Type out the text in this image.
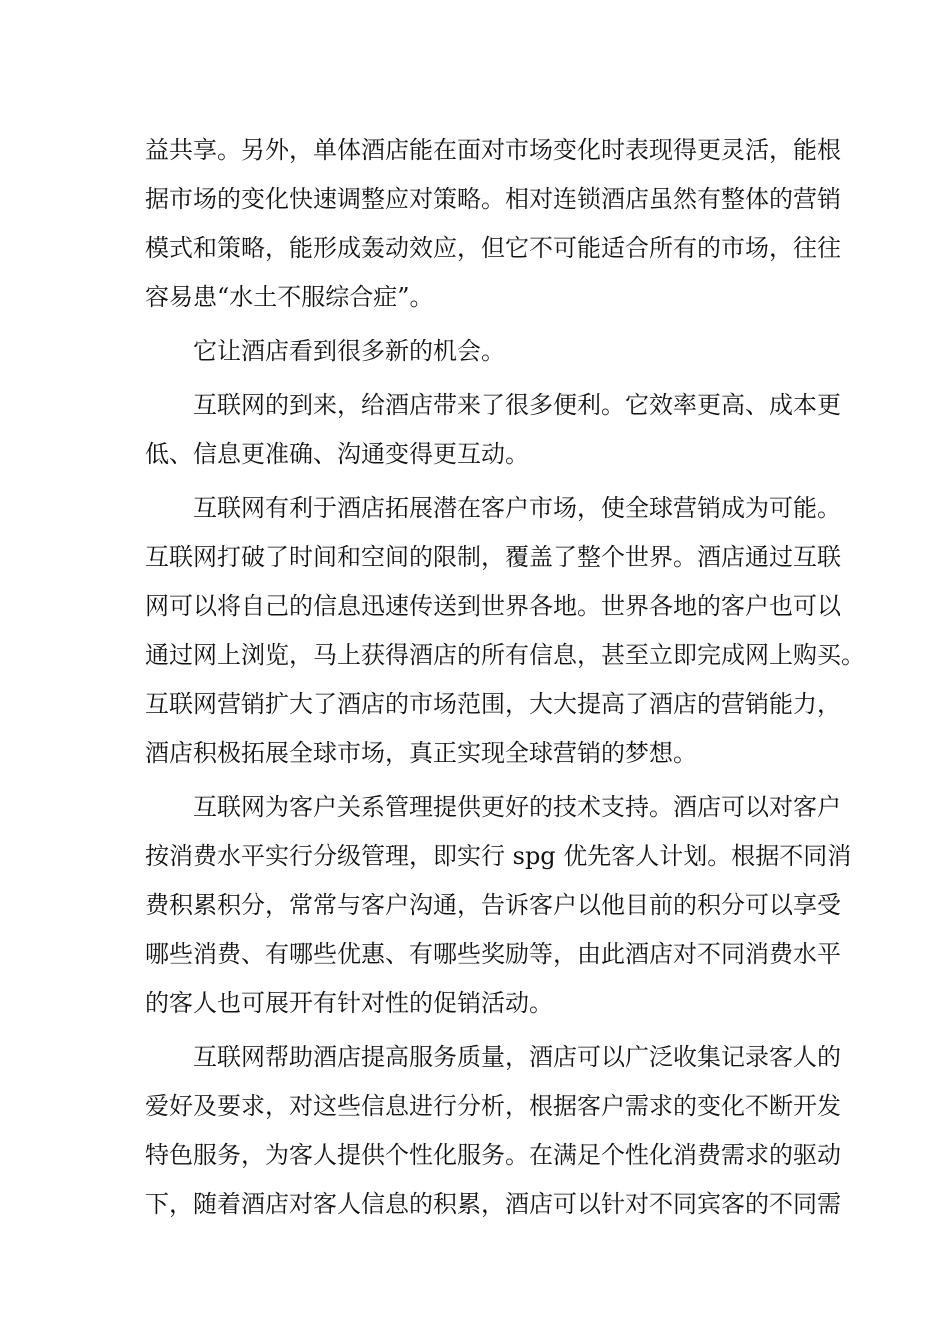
益共享。另外，单体酒店能在面对市场变化时表现得更灵活，能根
据市场的变化快速调整应对策略。相对连锁酒店虽然有整体的营销
模式和策略，能形成轰动效应，但它不可能适合所有的市场，往往
容易患“水土不服综合症”。
它让酒店看到很多新的机会。
互联网的到来，给酒店带来了很多便利。它效率更高、成本更
低、信息更准确、沟通变得更互动。
互联网有利于酒店拓展潜在客户市场，使全球营销成为可能。
互联网打破了时间和空间的限制，覆盖了整个世界。酒店通过互联
网可以将自己的信息迅速传送到世界各地。世界各地的客户也可以
通过网上浏览，马上获得酒店的所有信息，甚至立即完成网上购买。
互联网营销扩大了酒店的市场范围，大大提高了酒店的营销能力，
酒店积极拓展全球市场，真正实现全球营销的梦想。
互联网为客户关系管理提供更好的技术支持。酒店可以对客户
按消费水平实行分级管理，即实行 spg 优先客人计划。根据不同消
费积累积分，常常与客户沟通，告诉客户以他目前的积分可以享受
哪些消费、有哪些优惠、有哪些奖励等，由此酒店对不同消费水平
的客人也可展开有针对性的促销活动。
互联网帮助酒店提高服务质量，酒店可以广泛收集记录客人的
爱好及要求，对这些信息进行分析，根据客户需求的变化不断开发
特色服务，为客人提供个性化服务。在满足个性化消费需求的驱动
下，随着酒店对客人信息的积累，酒店可以针对不同宾客的不同需
